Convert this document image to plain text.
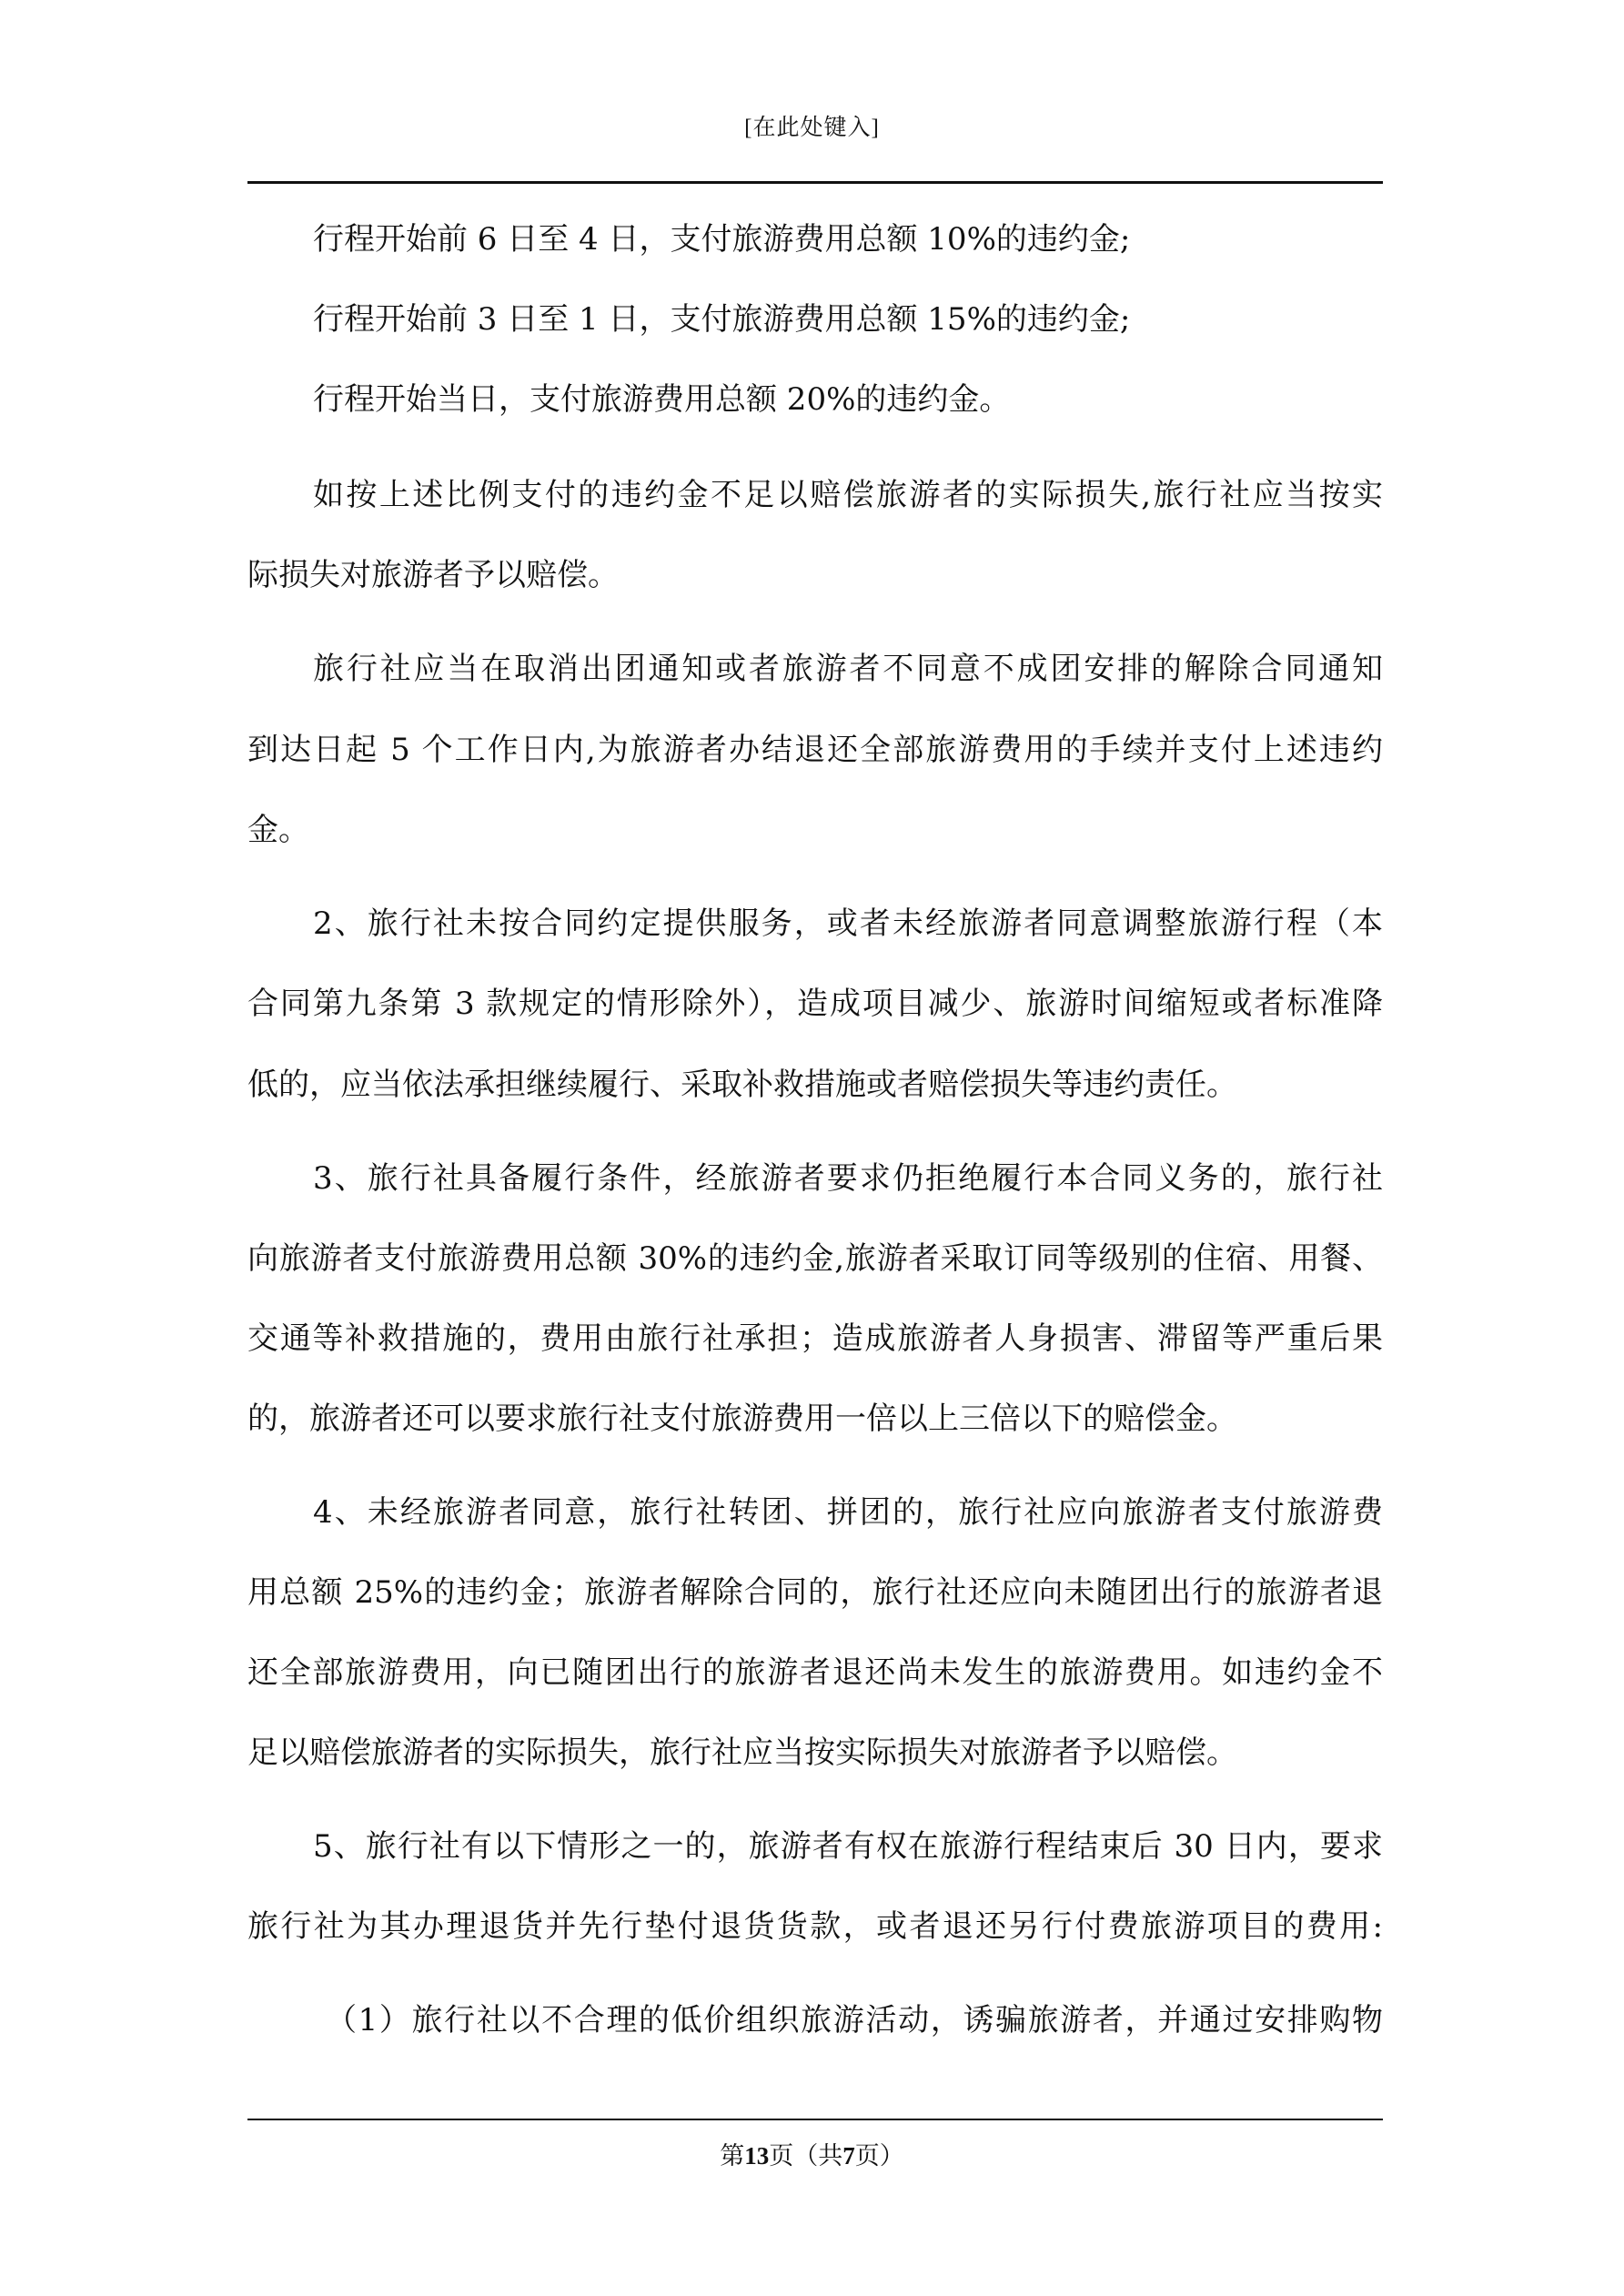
[在此处键入]
行程开始前 6 日至 4 日，支付旅游费用总额 10%的违约金;
行程开始前 3 日至 1 日，支付旅游费用总额 15%的违约金;
行程开始当日，支付旅游费用总额 20%的违约金。
如按上述比例支付的违约金不足以赔偿旅游者的实际损失,旅行社应当按实
际损失对旅游者予以赔偿。
旅行社应当在取消出团通知或者旅游者不同意不成团安排的解除合同通知
到达日起 5 个工作日内,为旅游者办结退还全部旅游费用的手续并支付上述违约
金。
2、旅行社未按合同约定提供服务，或者未经旅游者同意调整旅游行程（本
合同第九条第 3 款规定的情形除外），造成项目减少、旅游时间缩短或者标准降
低的，应当依法承担继续履行、采取补救措施或者赔偿损失等违约责任。
3、旅行社具备履行条件，经旅游者要求仍拒绝履行本合同义务的，旅行社
向旅游者支付旅游费用总额 30%的违约金,旅游者采取订同等级别的住宿、用餐、
交通等补救措施的，费用由旅行社承担；造成旅游者人身损害、滞留等严重后果
的，旅游者还可以要求旅行社支付旅游费用一倍以上三倍以下的赔偿金。
4、未经旅游者同意，旅行社转团、拼团的，旅行社应向旅游者支付旅游费
用总额 25%的违约金；旅游者解除合同的，旅行社还应向未随团出行的旅游者退
还全部旅游费用，向已随团出行的旅游者退还尚未发生的旅游费用。如违约金不
足以赔偿旅游者的实际损失，旅行社应当按实际损失对旅游者予以赔偿。
5、旅行社有以下情形之一的，旅游者有权在旅游行程结束后 30 日内，要求
旅行社为其办理退货并先行垫付退货货款，或者退还另行付费旅游项目的费用:
（1）旅行社以不合理的低价组织旅游活动，诱骗旅游者，并通过安排购物
第13页（共7页）
